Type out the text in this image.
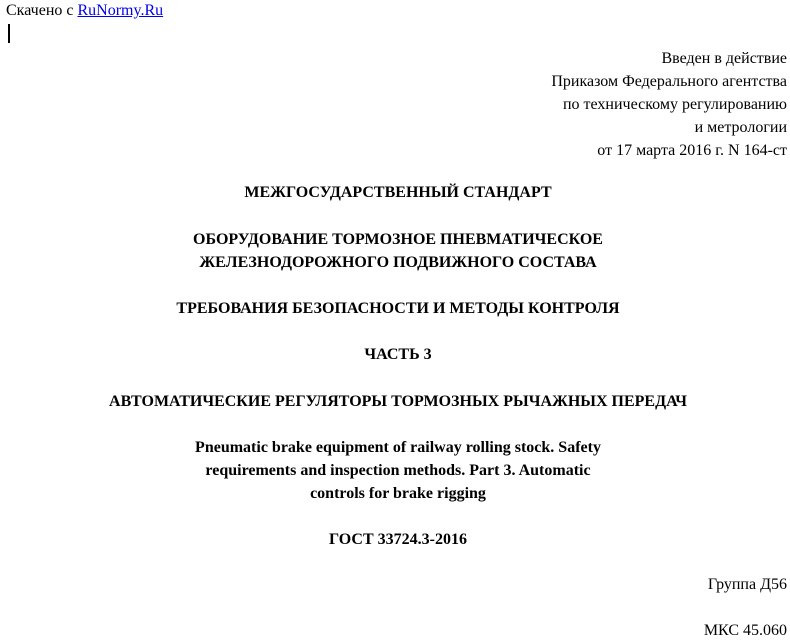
Скачено с RuNormy.Ru
Введен в действие
Приказом Федерального агентства
по техническому регулированию
и метрологии
от 17 марта 2016 г. N 164-ст
МЕЖГОСУДАРСТВЕННЫЙ СТАНДАРТ
ОБОРУДОВАНИЕ ТОРМОЗНОЕ ПНЕВМАТИЧЕСКОЕ
ЖЕЛЕЗНОДОРОЖНОГО ПОДВИЖНОГО СОСТАВА
ТРЕБОВАНИЯ БЕЗОПАСНОСТИ И МЕТОДЫ КОНТРОЛЯ
ЧАСТЬ 3
АВТОМАТИЧЕСКИЕ РЕГУЛЯТОРЫ ТОРМОЗНЫХ РЫЧАЖНЫХ ПЕРЕДАЧ
Pneumatic brake equipment of railway rolling stock. Safety
requirements and inspection methods. Part 3. Automatic
controls for brake rigging
ГОСТ 33724.3-2016
Группа Д56
МКС 45.060
